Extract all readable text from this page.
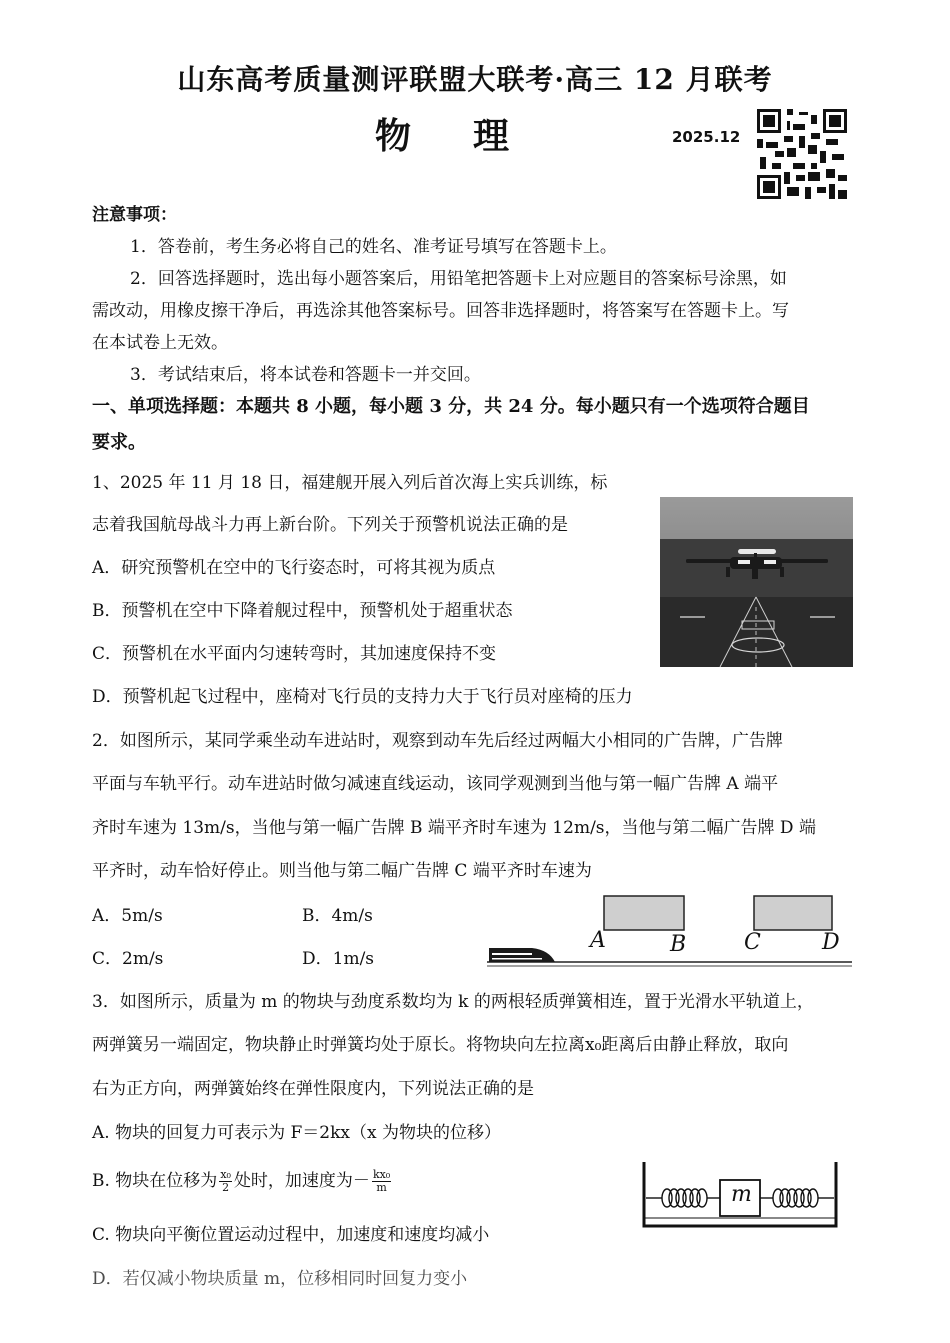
山东高考质量测评联盟大联考·高三 12 月联考
物理	2025.12
注意事项：
1．答卷前，考生务必将自己的姓名、准考证号填写在答题卡上。
2．回答选择题时，选出每小题答案后，用铅笔把答题卡上对应题目的答案标号涂黑，如
需改动，用橡皮擦干净后，再选涂其他答案标号。回答非选择题时，将答案写在答题卡上。写
在本试卷上无效。
3．考试结束后，将本试卷和答题卡一并交回。
一、单项选择题：本题共 8 小题，每小题 3 分，共 24 分。每小题只有一个选项符合题目
要求。
1、2025 年 11 月 18 日，福建舰开展入列后首次海上实兵训练，标
志着我国航母战斗力再上新台阶。下列关于预警机说法正确的是
A．研究预警机在空中的飞行姿态时，可将其视为质点
B．预警机在空中下降着舰过程中，预警机处于超重状态
C．预警机在水平面内匀速转弯时，其加速度保持不变
D．预警机起飞过程中，座椅对飞行员的支持力大于飞行员对座椅的压力
2．如图所示，某同学乘坐动车进站时，观察到动车先后经过两幅大小相同的广告牌，广告牌
平面与车轨平行。动车进站时做匀减速直线运动，该同学观测到当他与第一幅广告牌 A 端平
齐时车速为 13m/s，当他与第一幅广告牌 B 端平齐时车速为 12m/s，当他与第二幅广告牌 D 端
平齐时，动车恰好停止。则当他与第二幅广告牌 C 端平齐时车速为
A．5m/s	B．4m/s
C．2m/s	D．1m/s
A	B	C	D
3．如图所示，质量为 m 的物块与劲度系数均为 k 的两根轻质弹簧相连，置于光滑水平轨道上，
两弹簧另一端固定，物块静止时弹簧均处于原长。将物块向左拉离x₀距离后由静止释放，取向
右为正方向，两弹簧始终在弹性限度内，下列说法正确的是
A. 物块的回复力可表示为 F＝2kx（x 为物块的位移）
B. 物块在位移为 $\frac{\text{x₀}}{2}$ 处时，加速度为－ $\frac{\text{kx₀}}{m}$
C. 物块向平衡位置运动过程中，加速度和速度均减小
D．若仅减小物块质量 m，位移相同时回复力变小
m
